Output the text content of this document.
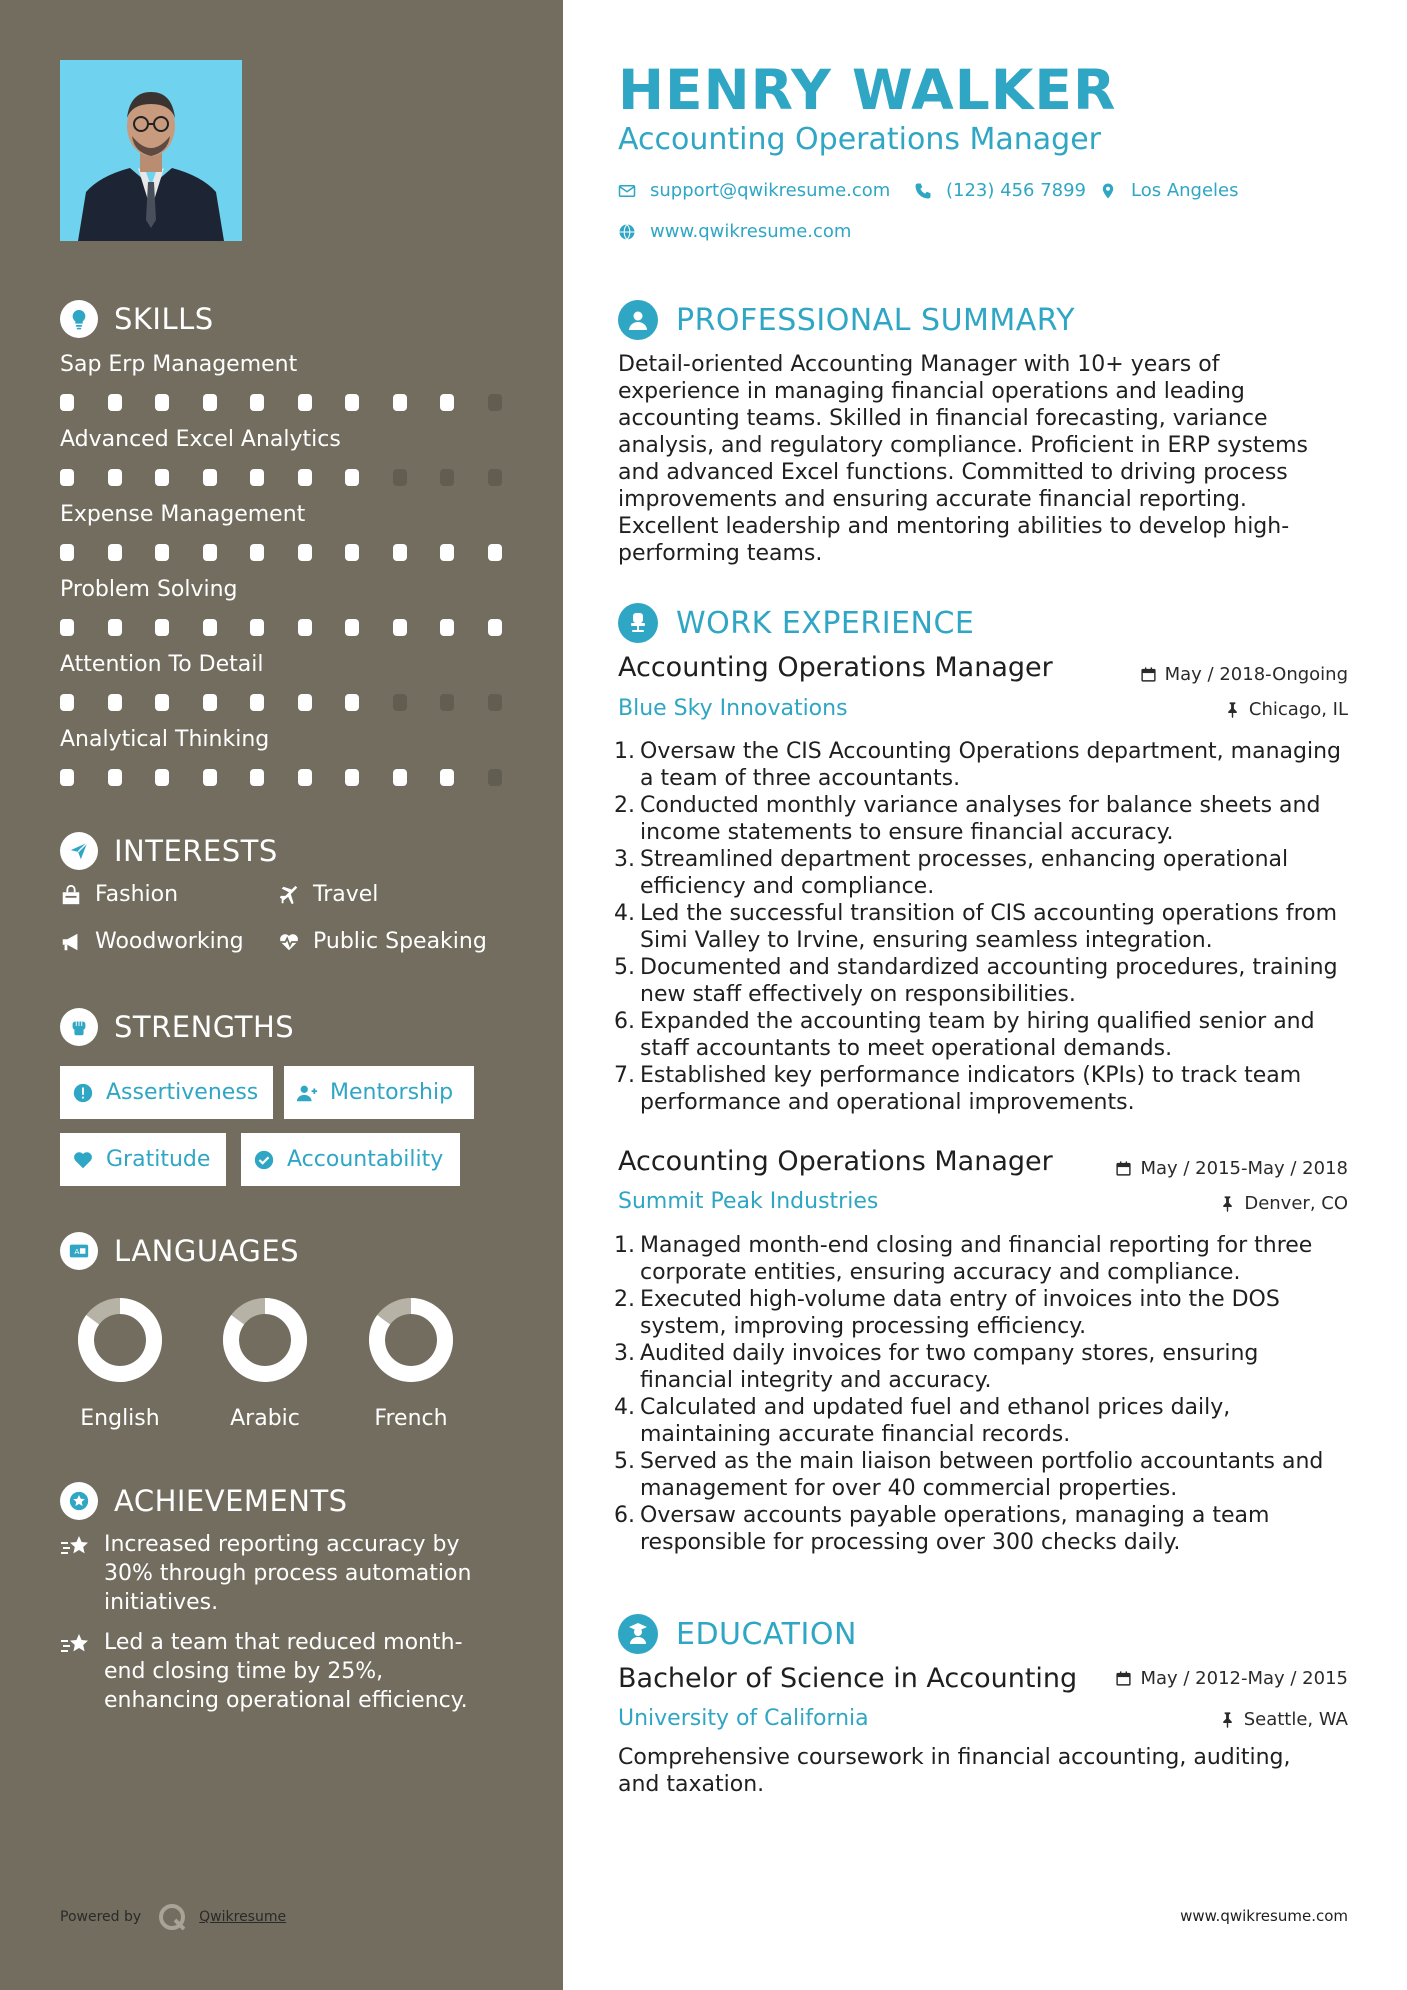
SKILLS
Sap Erp Management
Advanced Excel Analytics
Expense Management
Problem Solving
Attention To Detail
Analytical Thinking
INTERESTS
Fashion	Travel
Woodworking	Public Speaking
STRENGTHS
Assertiveness	Mentorship
Gratitude	Accountability
A LANGUAGES
English	Arabic	French
ACHIEVEMENTS
Increased reporting accuracy by 30% through process automation initiatives.
Led a team that reduced month-end closing time by 25%, enhancing operational efficiency.
Powered by	Qwikresume
HENRY WALKER
Accounting Operations Manager
support@qwikresume.com	(123) 456 7899 Los Angeles
www.qwikresume.com
PROFESSIONAL SUMMARY
Detail-oriented Accounting Manager with 10+ years of experience in managing financial operations and leading accounting teams. Skilled in financial forecasting, variance analysis, and regulatory compliance. Proficient in ERP systems and advanced Excel functions. Committed to driving process improvements and ensuring accurate financial reporting. Excellent leadership and mentoring abilities to develop high-performing teams.
WORK EXPERIENCE
Accounting Operations Manager	May / 2018-Ongoing
Blue Sky Innovations	Chicago, IL
1. Oversaw the CIS Accounting Operations department, managing a team of three accountants.
2. Conducted monthly variance analyses for balance sheets and income statements to ensure financial accuracy.
3. Streamlined department processes, enhancing operational efficiency and compliance.
4. Led the successful transition of CIS accounting operations from Simi Valley to Irvine, ensuring seamless integration.
5. Documented and standardized accounting procedures, training new staff effectively on responsibilities.
6. Expanded the accounting team by hiring qualified senior and staff accountants to meet operational demands.
7. Established key performance indicators (KPIs) to track team performance and operational improvements.
Accounting Operations Manager	May / 2015-May / 2018
Summit Peak Industries	Denver, CO
1. Managed month-end closing and financial reporting for three corporate entities, ensuring accuracy and compliance.
2. Executed high-volume data entry of invoices into the DOS system, improving processing efficiency.
3. Audited daily invoices for two company stores, ensuring financial integrity and accuracy.
4. Calculated and updated fuel and ethanol prices daily, maintaining accurate financial records.
5. Served as the main liaison between portfolio accountants and management for over 40 commercial properties.
6. Oversaw accounts payable operations, managing a team responsible for processing over 300 checks daily.
EDUCATION
Bachelor of Science in Accounting	May / 2012-May / 2015
University of California	Seattle, WA
Comprehensive coursework in financial accounting, auditing, and taxation.
www.qwikresume.com
